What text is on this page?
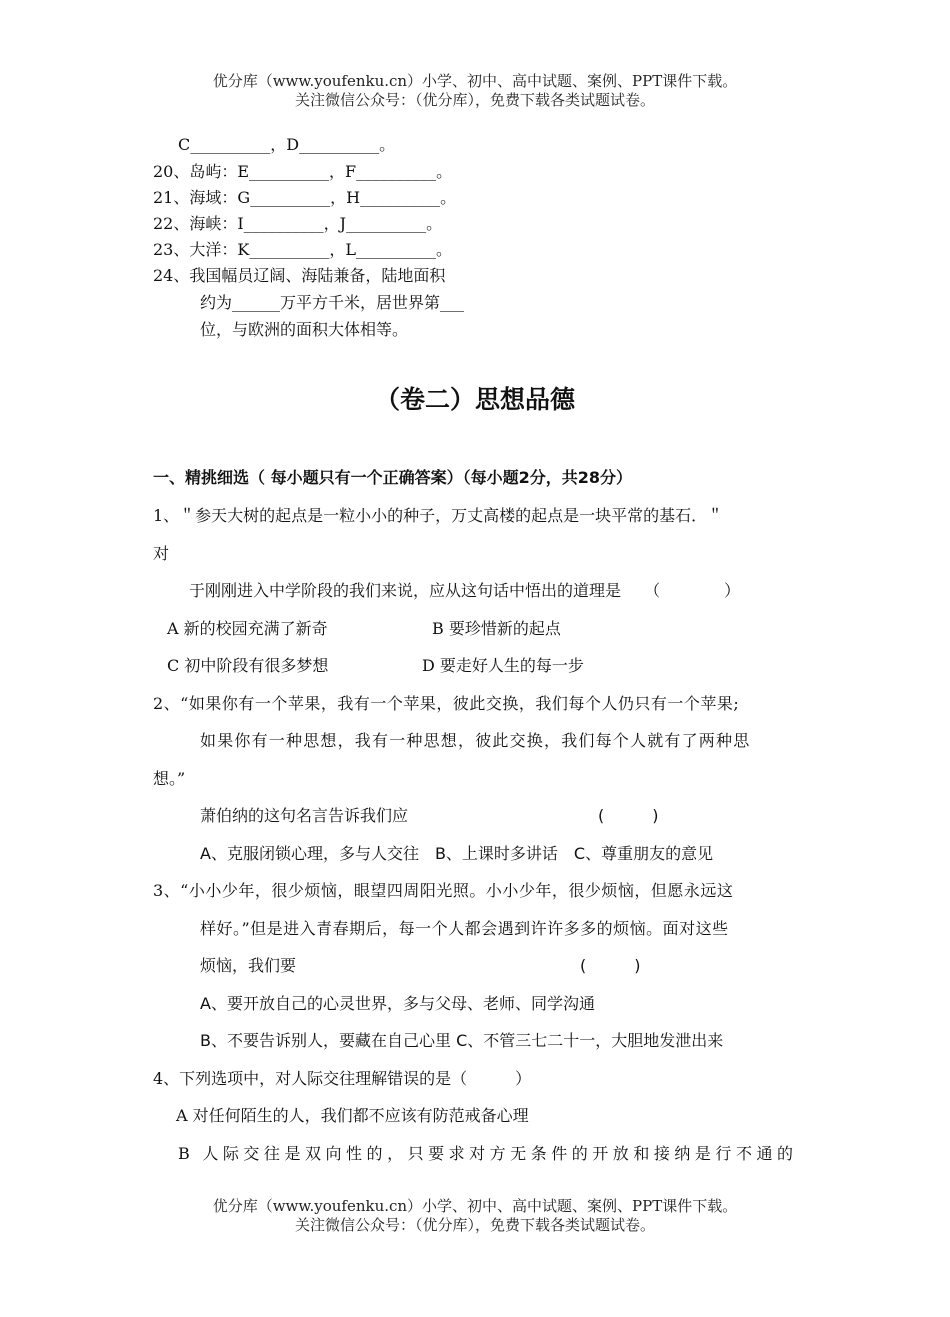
优分库（www.youfenku.cn）小学、初中、高中试题、案例、PPT课件下载。
关注微信公众号：（优分库），免费下载各类试题试卷。
C__________，D__________。
20、岛屿：E__________，F__________。
21、海域：G__________，H__________。
22、海峡：I__________，J__________。
23、大洋：K__________，L__________。
24、我国幅员辽阔、海陆兼备，陆地面积
约为______万平方千米，居世界第___
位，与欧洲的面积大体相等。
（卷二）思想品德
一、精挑细选（ 每小题只有一个正确答案）（每小题2分，共28分）
1、＂参天大树的起点是一粒小小的种子，万丈高楼的起点是一块平常的基石．＂
对
于刚刚进入中学阶段的我们来说，应从这句话中悟出的道理是 （　　　　）
A 新的校园充满了新奇	B 要珍惜新的起点
C 初中阶段有很多梦想	D 要走好人生的每一步
2、“如果你有一个苹果，我有一个苹果，彼此交换，我们每个人仍只有一个苹果;
如果你有一种思想，我有一种思想，彼此交换，我们每个人就有了两种思
想。”
萧伯纳的这句名言告诉我们应	(　　　)
A、克服闭锁心理，多与人交往　B、上课时多讲话　C、尊重朋友的意见
3、“小小少年，很少烦恼，眼望四周阳光照。小小少年，很少烦恼，但愿永远这
样好。”但是进入青春期后，每一个人都会遇到许许多多的烦恼。面对这些
烦恼，我们要	(　　　)
A、要开放自己的心灵世界，多与父母、老师、同学沟通
B、不要告诉别人，要藏在自己心里 C、不管三七二十一，大胆地发泄出来
4、下列选项中，对人际交往理解错误的是（　　　）
A 对任何陌生的人，我们都不应该有防范戒备心理
B 人际交往是双向性的，只要求对方无条件的开放和接纳是行不通的
优分库（www.youfenku.cn）小学、初中、高中试题、案例、PPT课件下载。
关注微信公众号：（优分库），免费下载各类试题试卷。
